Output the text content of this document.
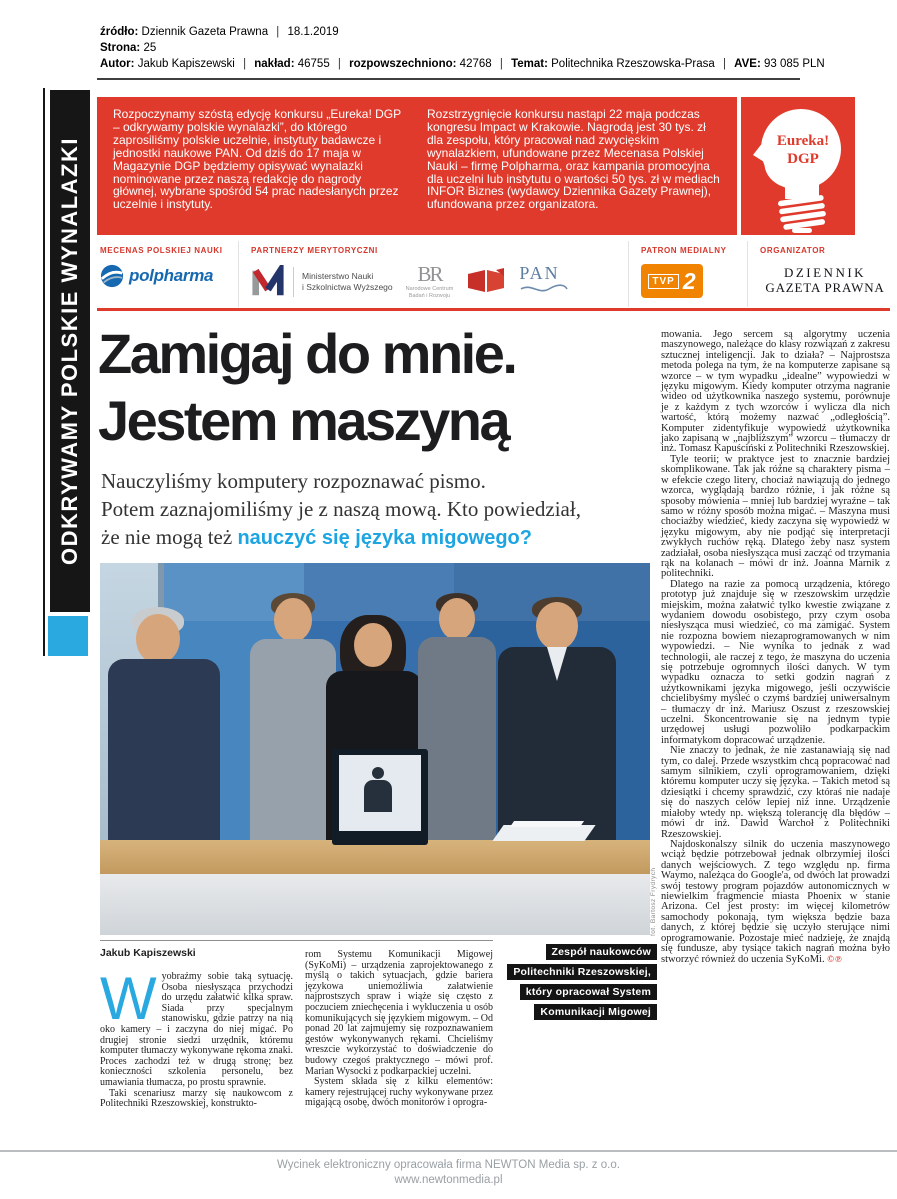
źródło: Dziennik Gazeta Prawna | 18.1.2019
Strona: 25
Autor: Jakub Kapiszewski | nakład: 46755 | rozpowszechniono: 42768 | Temat: Politechnika Rzeszowska-Prasa | AVE: 93 085 PLN
ODKRYWAMY POLSKIE WYNALAZKI
Rozpoczynamy szóstą edycję konkursu „Eureka! DGP – odkrywamy polskie wynalazki”, do którego zaprosiliśmy polskie uczelnie, instytuty badawcze i jednostki naukowe PAN. Od dziś do 17 maja w Magazynie DGP będziemy opisywać wynalazki nominowane przez naszą redakcję do nagrody głównej, wybrane spośród 54 prac nadesłanych przez uczelnie i instytuty.
Rozstrzygnięcie konkursu nastąpi 22 maja podczas kongresu Impact w Krakowie. Nagrodą jest 30 tys. zł dla zespołu, który pracował nad zwycięskim wynalazkiem, ufundowane przez Mecenasa Polskiej Nauki – firmę Polpharma, oraz kampania promocyjna dla uczelni lub instytutu o wartości 50 tys. zł w mediach INFOR Biznes (wydawcy Dziennika Gazety Prawnej), ufundowana przez organizatora.
Eureka!
DGP
MECENAS POLSKIEJ NAUKI
polpharma
PARTNERZY MERYTORYCZNI
Ministerstwo Nauki
i Szkolnictwa Wyższego
BR
Narodowe Centrum
Badań i Rozwoju
PAN
PATRON MEDIALNY
TVP 2
ORGANIZATOR
DZIENNIK
GAZETA PRAWNA
Zamigaj do mnie.
Jestem maszyną
Nauczyliśmy komputery rozpoznawać pismo.
Potem zaznajomiliśmy je z naszą mową. Kto powiedział,
że nie mogą też nauczyć się języka migowego?
fot. Bartosz Frydrych
Zespół naukowców
Politechniki Rzeszowskiej,
który opracował System
Komunikacji Migowej
Jakub Kapiszewski

Wyobraźmy sobie taką sytuację. Osoba niesłysząca przychodzi do urzędu załatwić kilka spraw. Siada przy specjalnym stanowisku, gdzie patrzy na nią oko kamery – i zaczyna do niej migać. Po drugiej stronie siedzi urzędnik, któremu komputer tłumaczy wykonywane rękoma znaki. Proces zachodzi też w drugą stronę; bez konieczności szkolenia personelu, bez umawiania tłumacza, po prostu sprawnie.

Taki scenariusz marzy się naukowcom z Politechniki Rzeszowskiej, konstrukto-

rom Systemu Komunikacji Migowej (SyKoMi) – urządzenia zaprojektowanego z myślą o takich sytuacjach, gdzie bariera językowa uniemożliwia załatwienie najprostszych spraw i wiąże się często z poczuciem zniechęcenia i wykluczenia u osób komunikujących się językiem migowym. – Od ponad 20 lat zajmujemy się rozpoznawaniem gestów wykonywanych rękami. Chcieliśmy wreszcie wykorzystać to doświadczenie do budowy czegoś praktycznego – mówi prof. Marian Wysocki z podkarpackiej uczelni.

System składa się z kilku elementów: kamery rejestrującej ruchy wykonywane przez migającą osobę, dwóch monitorów i oprogra-

mowania. Jego sercem są algorytmy uczenia maszynowego, należące do klasy rozwiązań z zakresu sztucznej inteligencji. Jak to działa? – Najprostsza metoda polega na tym, że na komputerze zapisane są wzorce – w tym wypadku „idealne” wypowiedzi w języku migowym. Kiedy komputer otrzyma nagranie wideo od użytkownika naszego systemu, porównuje je z każdym z tych wzorców i wylicza dla nich wartość, którą możemy nazwać „odległością”. Komputer zidentyfikuje wypowiedź użytkownika jako zapisaną w „najbliższym” wzorcu – tłumaczy dr inż. Tomasz Kapuściński z Politechniki Rzeszowskiej.

Tyle teorii; w praktyce jest to znacznie bardziej skomplikowane. Tak jak różne są charaktery pisma – w efekcie czego litery, chociaż nawiązują do jednego wzorca, wyglądają bardzo różnie, i jak różne są sposoby mówienia – mniej lub bardziej wyraźne – tak samo w różny sposób można migać. – Maszyna musi chociażby wiedzieć, kiedy zaczyna się wypowiedź w języku migowym, aby nie podjąć się interpretacji zwykłych ruchów ręką. Dlatego żeby nasz system zadziałał, osoba niesłysząca musi zacząć od trzymania rąk na kolanach – mówi dr inż. Joanna Marnik z politechniki.

Dlatego na razie za pomocą urządzenia, którego prototyp już znajduje się w rzeszowskim urzędzie miejskim, można załatwić tylko kwestie związane z wydaniem dowodu osobistego, przy czym osoba niesłysząca musi wiedzieć, co ma zamigać. System nie rozpozna bowiem niezaprogramowanych w nim wypowiedzi. – Nie wynika to jednak z wad technologii, ale raczej z tego, że maszyna do uczenia się potrzebuje ogromnych ilości danych. W tym wypadku oznacza to setki godzin nagrań z użytkownikami języka migowego, jeśli oczywiście chcielibyśmy myśleć o czymś bardziej uniwersalnym – tłumaczy dr inż. Mariusz Oszust z rzeszowskiej uczelni. Skoncentrowanie się na jednym typie urzędowej usługi pozwoliło podkarpackim informatykom dopracować urządzenie.

Nie znaczy to jednak, że nie zastanawiają się nad tym, co dalej. Przede wszystkim chcą popracować nad samym silnikiem, czyli oprogramowaniem, dzięki któremu komputer uczy się języka. – Takich metod są dziesiątki i chcemy sprawdzić, czy któraś nie nadaje się do naszych celów lepiej niż inne. Urządzenie miałoby wtedy np. większą tolerancję dla błędów – mówi dr inż. Dawid Warchoł z Politechniki Rzeszowskiej.

Najdoskonalszy silnik do uczenia maszynowego wciąż będzie potrzebował jednak olbrzymiej ilości danych wejściowych. Z tego względu np. firma Waymo, należąca do Google'a, od dwóch lat prowadzi swój testowy program pojazdów autonomicznych w niewielkim fragmencie miasta Phoenix w stanie Arizona. Cel jest prosty: im więcej kilometrów samochody pokonają, tym większa będzie baza danych, z której będzie się uczyło sterujące nimi oprogramowanie. Pozostaje mieć nadzieję, że znajdą się fundusze, aby tysiące takich nagrań można było stworzyć również do uczenia SyKoMi. ©℗

Wycinek elektroniczny opracowała firma NEWTON Media sp. z o.o.
www.newtonmedia.pl
